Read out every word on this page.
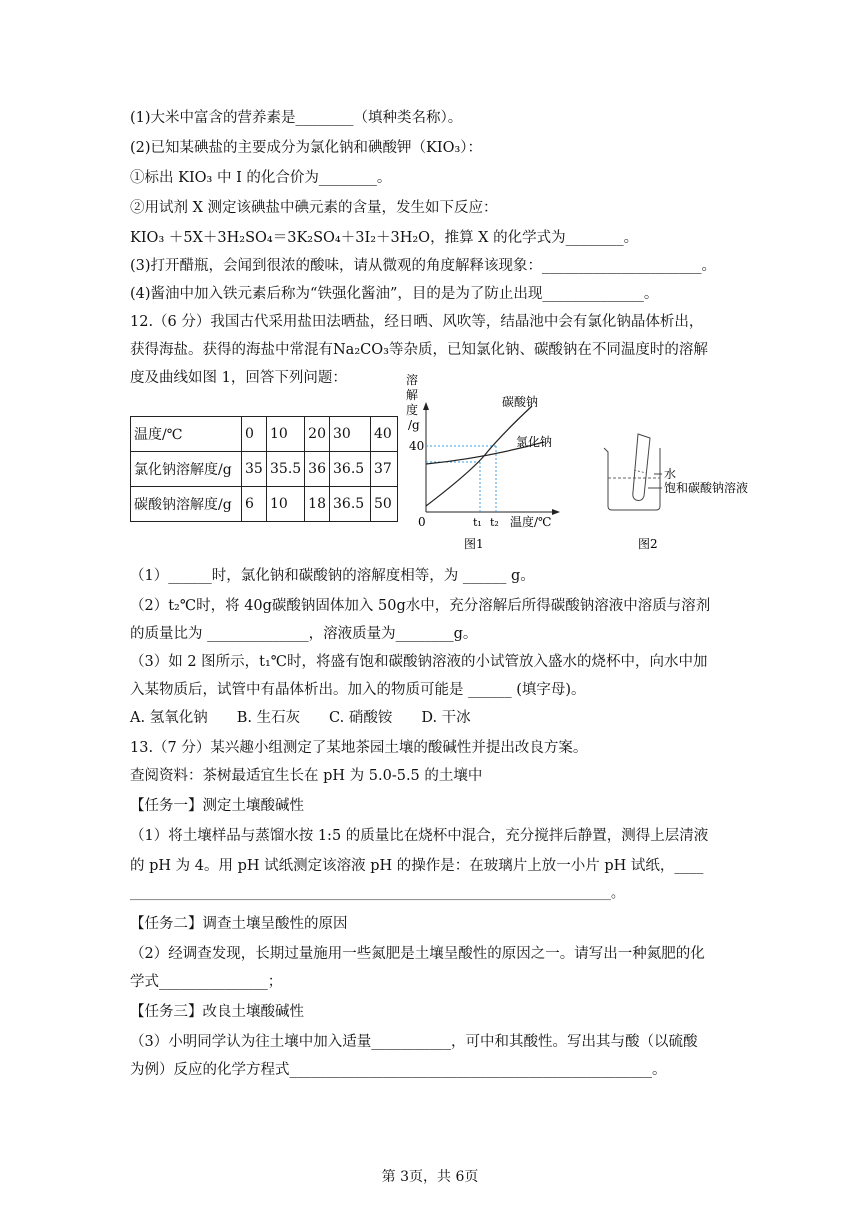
(1)大米中富含的营养素是________（填种类名称）。
(2)已知某碘盐的主要成分为氯化钠和碘酸钾（KIO₃）：
①标出 KIO₃ 中 I 的化合价为________。
②用试剂 X 测定该碘盐中碘元素的含量，发生如下反应：
KIO₃ ＋5X＋3H₂SO₄＝3K₂SO₄＋3I₂＋3H₂O，推算 X 的化学式为________。
(3)打开醋瓶，会闻到很浓的酸味，请从微观的角度解释该现象：______________________。
(4)酱油中加入铁元素后称为“铁强化酱油”，目的是为了防止出现______________。
12.（6 分）我国古代采用盐田法晒盐，经日晒、风吹等，结晶池中会有氯化钠晶体析出，
获得海盐。获得的海盐中常混有Na₂CO₃等杂质，已知氯化钠、碳酸钠在不同温度时的溶解
度及曲线如图 1，回答下列问题：
温度/℃	0	10	20	30	40
氯化钠溶解度/g	35	35.5	36	36.5	37
碳酸钠溶解度/g	6	10	18	36.5	50
溶
解
度
/g
40
碳酸钠
氯化钠
0	t₁ t₂ 温度/℃
图1
水
饱和碳酸钠溶液
图2
（1）______时，氯化钠和碳酸钠的溶解度相等，为 ______ g。
（2）t₂℃时，将 40g碳酸钠固体加入 50g水中，充分溶解后所得碳酸钠溶液中溶质与溶剂
的质量比为 ______________，溶液质量为________g。
（3）如 2 图所示，t₁℃时，将盛有饱和碳酸钠溶液的小试管放入盛水的烧杯中，向水中加
入某物质后，试管中有晶体析出。加入的物质可能是 ______ (填字母)。
A. 氢氧化钠　　B. 生石灰　　C. 硝酸铵　　D. 干冰
13.（7 分）某兴趣小组测定了某地茶园土壤的酸碱性并提出改良方案。
查阅资料：茶树最适宜生长在 pH 为 5.0-5.5 的土壤中
【任务一】测定土壤酸碱性
（1）将土壤样品与蒸馏水按 1:5 的质量比在烧杯中混合，充分搅拌后静置，测得上层清液
的 pH 为 4。用 pH 试纸测定该溶液 pH 的操作是：在玻璃片上放一小片 pH 试纸，____
__________________________________________________________________________。
【任务二】调查土壤呈酸性的原因
（2）经调查发现，长期过量施用一些氮肥是土壤呈酸性的原因之一。请写出一种氮肥的化
学式_______________；
【任务三】改良土壤酸碱性
（3）小明同学认为往土壤中加入适量___________，可中和其酸性。写出其与酸（以硫酸
为例）反应的化学方程式__________________________________________________。
第 3页，共 6页
